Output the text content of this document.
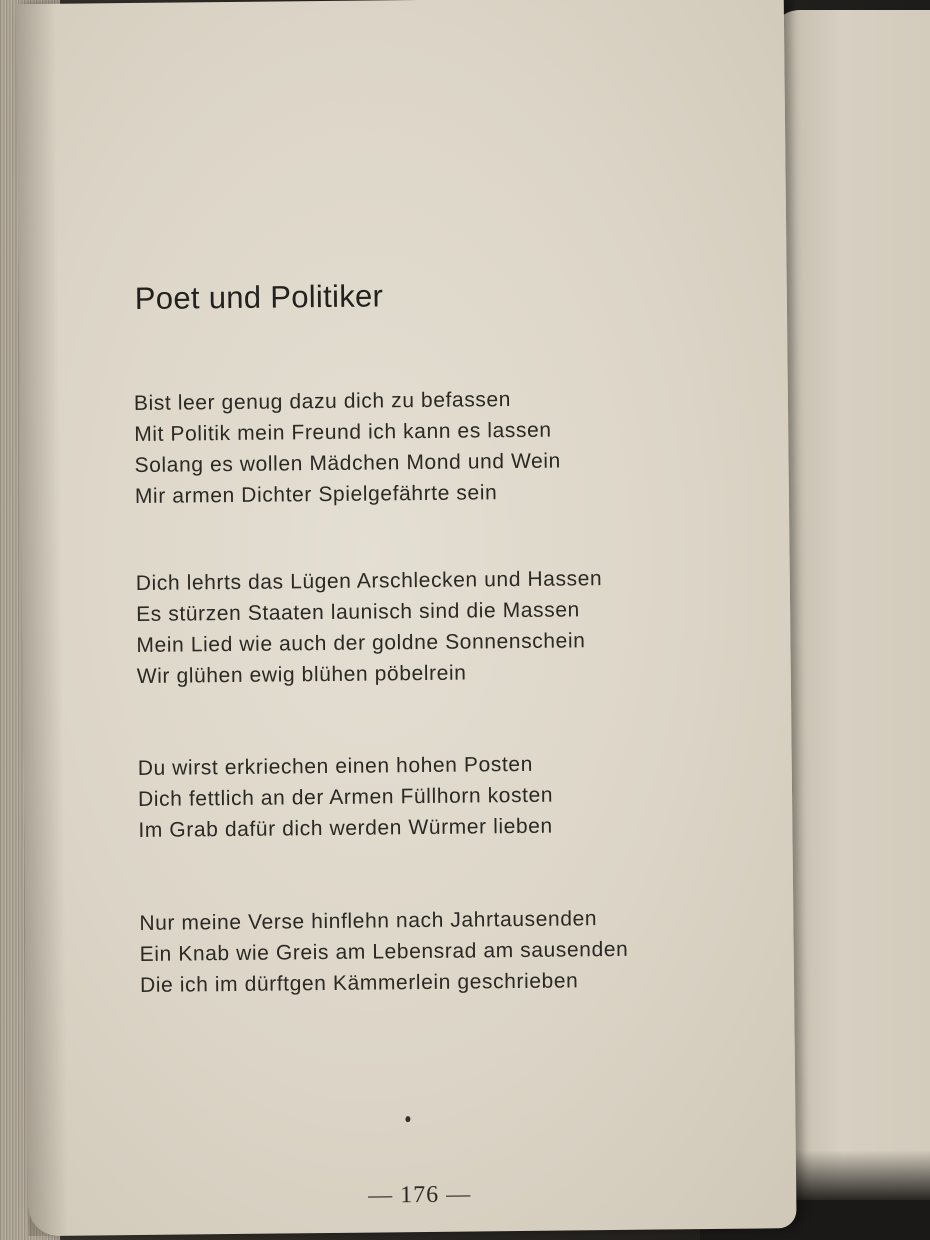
Poet und Politiker
Bist leer genug dazu dich zu befassen
Mit Politik mein Freund ich kann es lassen
Solang es wollen Mädchen Mond und Wein
Mir armen Dichter Spielgefährte sein
Dich lehrts das Lügen Arschlecken und Hassen
Es stürzen Staaten launisch sind die Massen
Mein Lied wie auch der goldne Sonnenschein
Wir glühen ewig blühen pöbelrein
Du wirst erkriechen einen hohen Posten
Dich fettlich an der Armen Füllhorn kosten
Im Grab dafür dich werden Würmer lieben
Nur meine Verse hinflehn nach Jahrtausenden
Ein Knab wie Greis am Lebensrad am sausenden
Die ich im dürftgen Kämmerlein geschrieben
— 176 —
